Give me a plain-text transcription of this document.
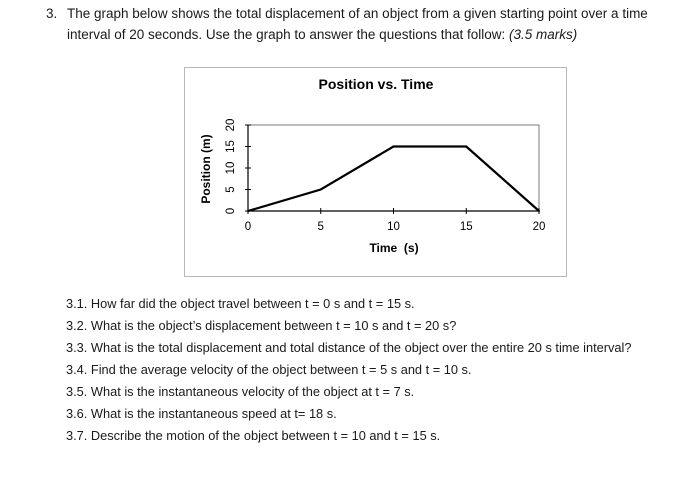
3. The graph below shows the total displacement of an object from a given starting point over a time
interval of 20 seconds. Use the graph to answer the questions that follow: (3.5 marks)
Position vs. Time
Time  (s)
Position (m)
0	5	10	15	20
0
5
10
15
20
3.1. How far did the object travel between t = 0 s and t = 15 s.
3.2. What is the object’s displacement between t = 10 s and t = 20 s?
3.3. What is the total displacement and total distance of the object over the entire 20 s time interval?
3.4. Find the average velocity of the object between t = 5 s and t = 10 s.
3.5. What is the instantaneous velocity of the object at t = 7 s.
3.6. What is the instantaneous speed at t= 18 s.
3.7. Describe the motion of the object between t = 10 and t = 15 s.
